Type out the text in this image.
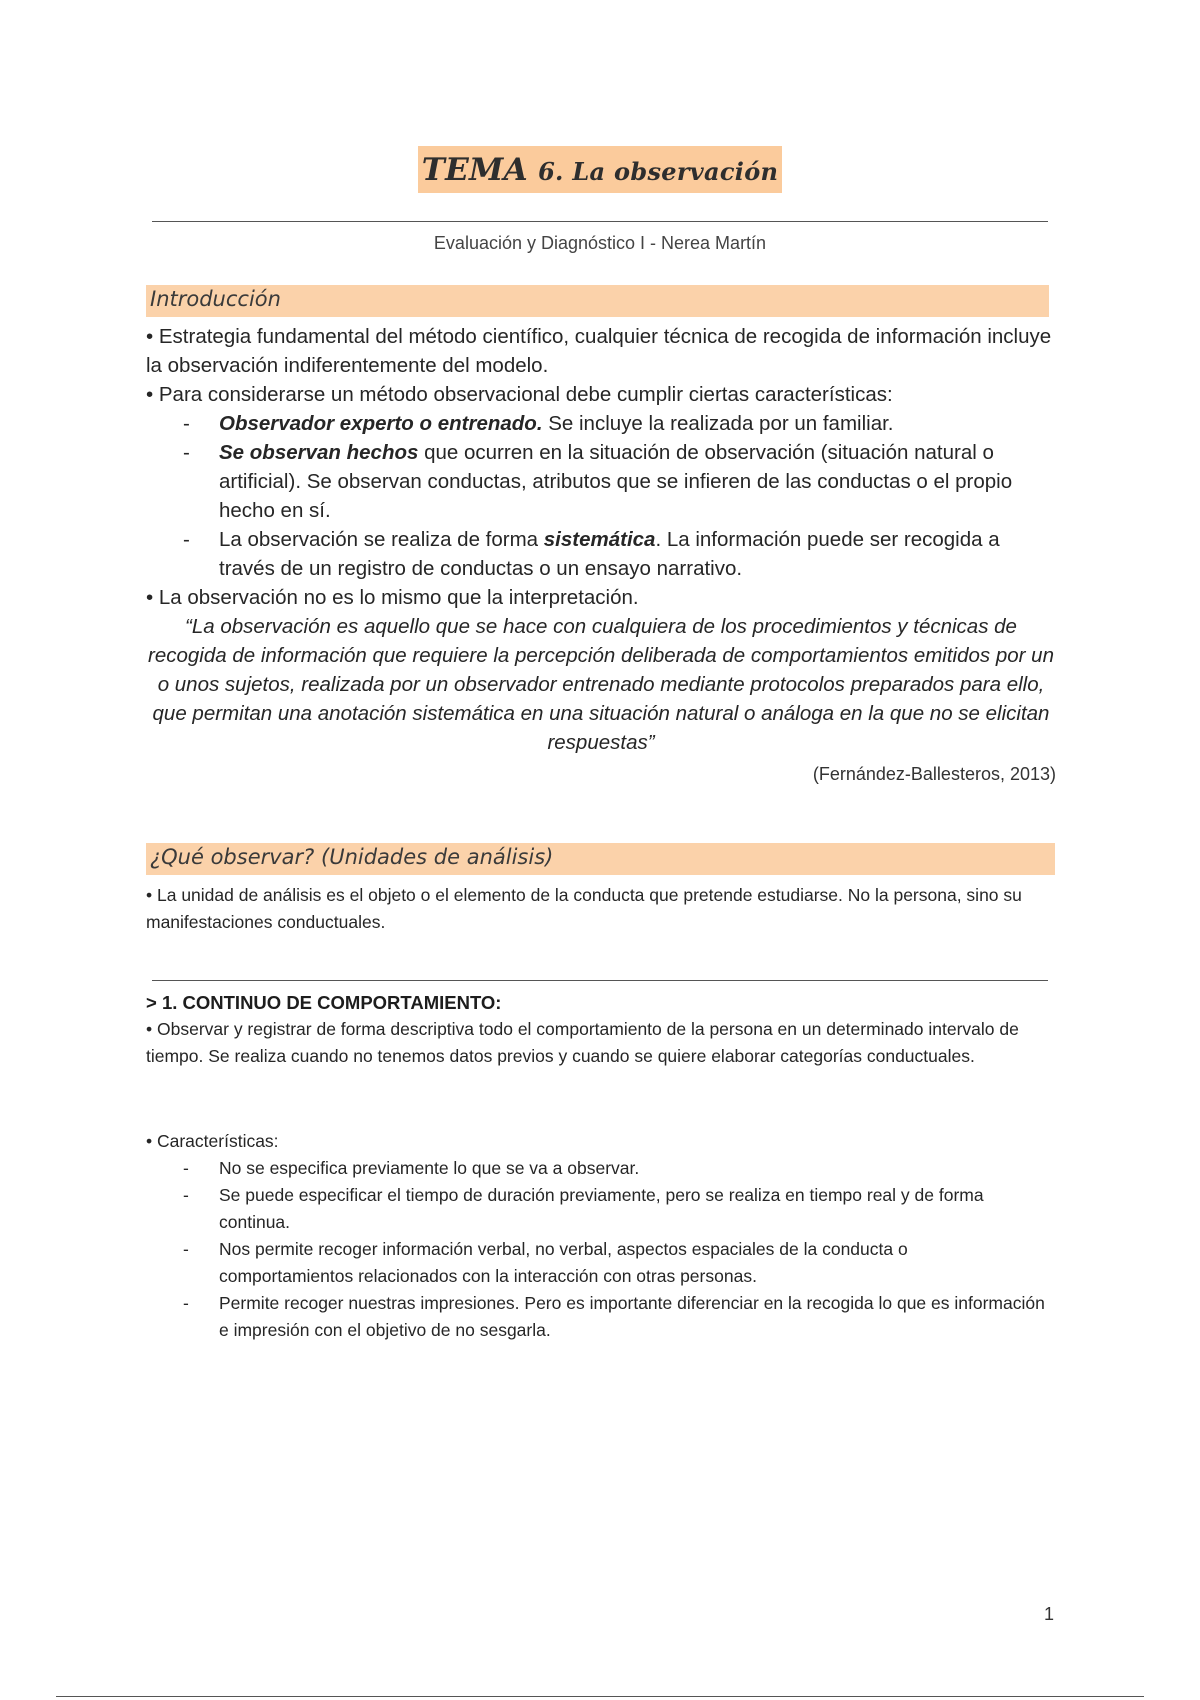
TEMA 6. La observación
Evaluación y Diagnóstico I - Nerea Martín
Introducción

• Estrategia fundamental del método científico, cualquier técnica de recogida de información incluye la observación indiferentemente del modelo.

• Para considerarse un método observacional debe cumplir ciertas características:

- Observador experto o entrenado. Se incluye la realizada por un familiar.

- Se observan hechos que ocurren en la situación de observación (situación natural o artificial). Se observan conductas, atributos que se infieren de las conductas o el propio hecho en sí.

- La observación se realiza de forma sistemática. La información puede ser recogida a través de un registro de conductas o un ensayo narrativo.

• La observación no es lo mismo que la interpretación.

“La observación es aquello que se hace con cualquiera de los procedimientos y técnicas de recogida de información que requiere la percepción deliberada de comportamientos emitidos por un o unos sujetos, realizada por un observador entrenado mediante protocolos preparados para ello, que permitan una anotación sistemática en una situación natural o análoga en la que no se elicitan respuestas”
(Fernández-Ballesteros, 2013)
¿Qué observar? (Unidades de análisis)

• La unidad de análisis es el objeto o el elemento de la conducta que pretende estudiarse. No la persona, sino su manifestaciones conductuales.

> 1. CONTINUO DE COMPORTAMIENTO:

• Observar y registrar de forma descriptiva todo el comportamiento de la persona en un determinado intervalo de tiempo. Se realiza cuando no tenemos datos previos y cuando se quiere elaborar categorías conductuales.

• Características:

- No se especifica previamente lo que se va a observar.

- Se puede especificar el tiempo de duración previamente, pero se realiza en tiempo real y de forma continua.

- Nos permite recoger información verbal, no verbal, aspectos espaciales de la conducta o comportamientos relacionados con la interacción con otras personas.

- Permite recoger nuestras impresiones. Pero es importante diferenciar en la recogida lo que es información e impresión con el objetivo de no sesgarla.

1
